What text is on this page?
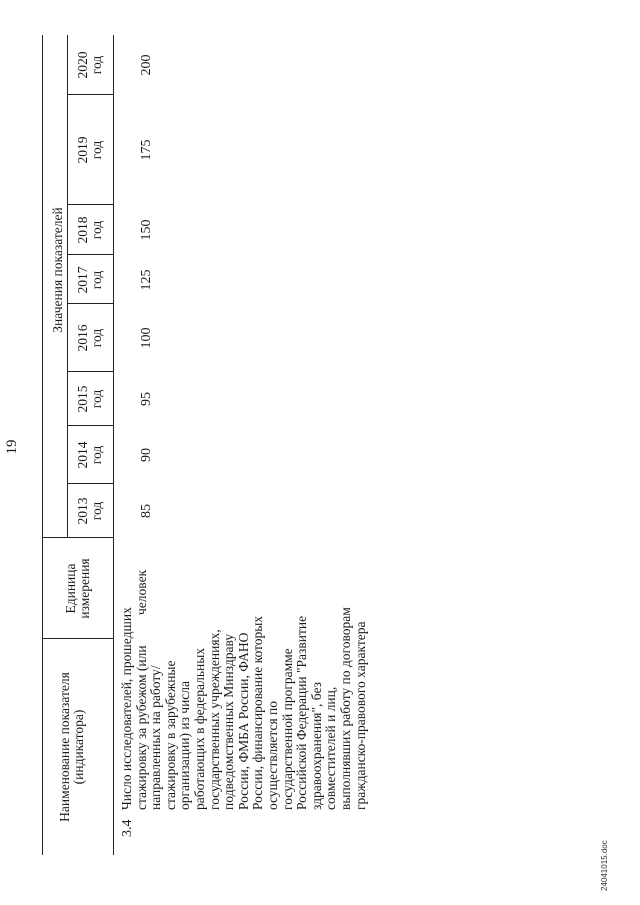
19
Наименование показателя (индикатора)
Единица измерения
Значения показателей
2013 год
2014 год
2015 год
2016 год
2017 год
2018 год
2019 год
2020 год
3.4
Число исследователей, прошедших стажировку за рубежом (или направленных на работу/стажировку в зарубежные организации) из числа работающих в федеральных государственных учреждениях, подведомственных Минздраву России, ФМБА России, ФАНО России, финансирование которых осуществляется по государственной программе Российской Федерации "Развитие здравоохранения", без совместителей и лиц, выполнявших работу по договорам гражданско-правового характера
человек
85
90
95
100
125
150
175
200
24041015.doc
